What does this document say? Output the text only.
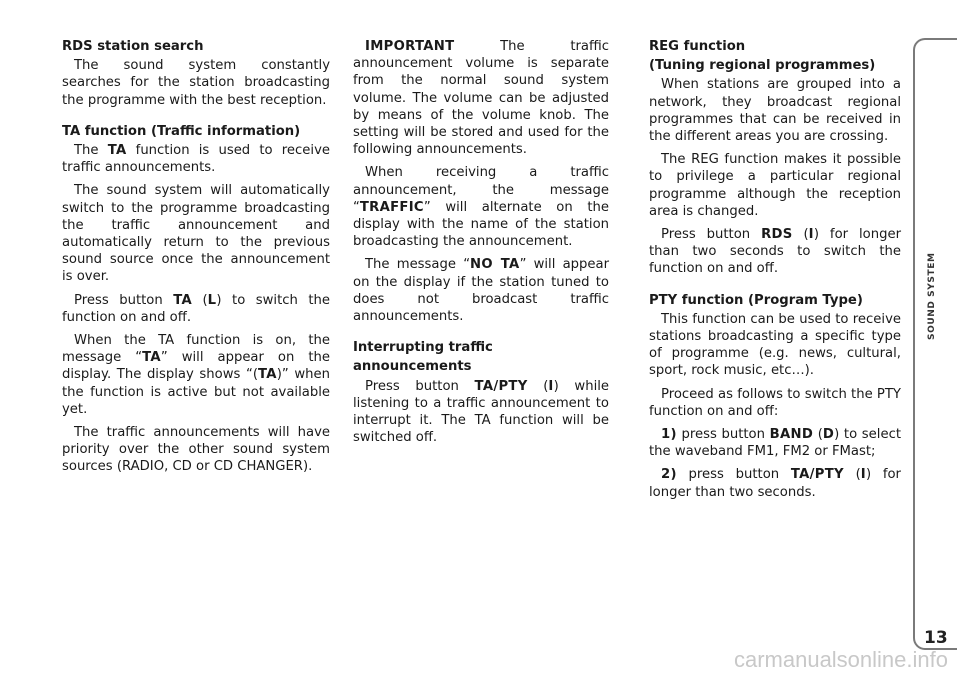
RDS station search

The sound system constantly searches for the station broadcasting the programme with the best reception.

TA function (Traffic information)

The TA function is used to receive traffic announcements.

The sound system will automatically switch to the programme broadcasting the traffic announcement and automatically return to the previous sound source once the announcement is over.

Press button TA (L) to switch the function on and off.

When the TA function is on, the message “TA” will appear on the display. The display shows “(TA)” when the function is active but not available yet.

The traffic announcements will have priority over the other sound system sources (RADIO, CD or CD CHANGER).

IMPORTANT The traffic announcement volume is separate from the normal sound system volume. The volume can be adjusted by means of the volume knob. The setting will be stored and used for the following announcements.

When receiving a traffic announcement, the message “TRAFFIC” will alternate on the display with the name of the station broadcasting the announcement.

The message “NO TA” will appear on the display if the station tuned to does not broadcast traffic announcements.

Interrupting traffic
announcements

Press button TA/PTY (I) while listening to a traffic announcement to interrupt it. The TA function will be switched off.

REG function
(Tuning regional programmes)

When stations are grouped into a network, they broadcast regional programmes that can be received in the different areas you are crossing.

The REG function makes it possible to privilege a particular regional programme although the reception area is changed.

Press button RDS (I) for longer than two seconds to switch the function on and off.

PTY function (Program Type)

This function can be used to receive stations broadcasting a specific type of programme (e.g. news, cultural, sport, rock music, etc…).

Proceed as follows to switch the PTY function on and off:

1) press button BAND (D) to select the waveband FM1, FM2 or FMast;

2) press button TA/PTY (I) for longer than two seconds.

SOUND SYSTEM
13
carmanualsonline.info
